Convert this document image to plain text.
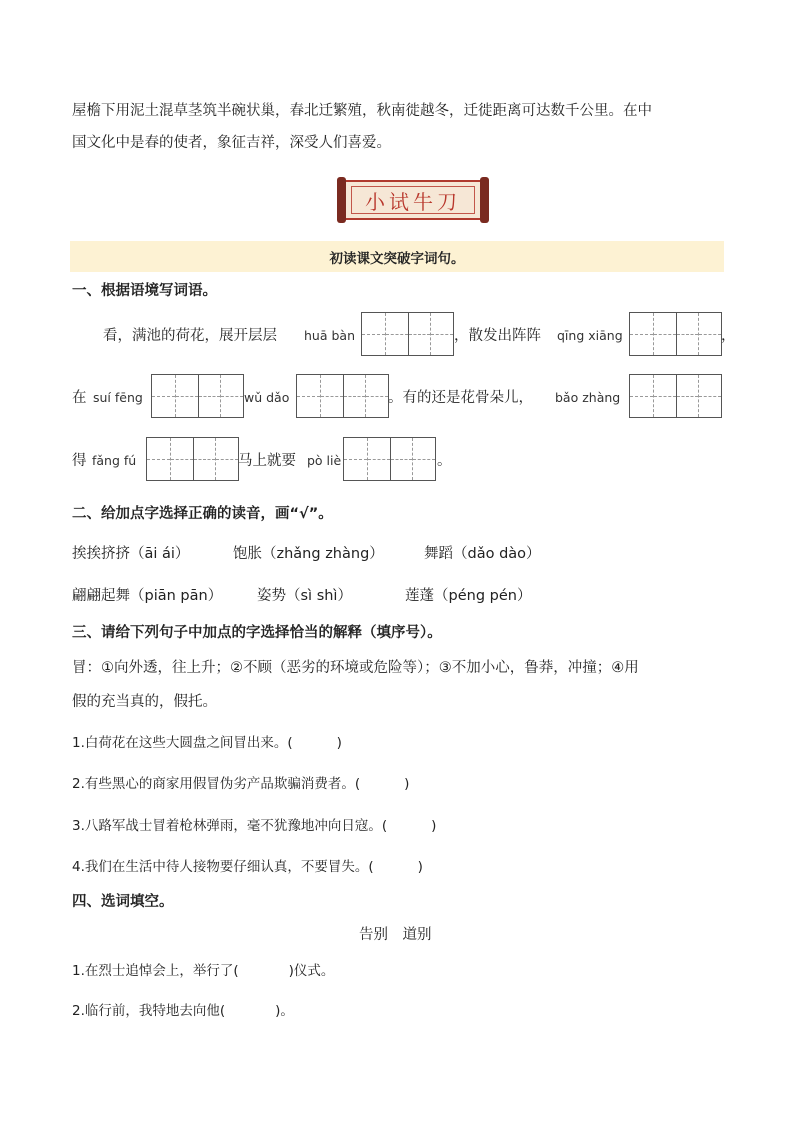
屋檐下用泥土混草茎筑半碗状巢，春北迁繁殖，秋南徙越冬，迁徙距离可达数千公里。在中
国文化中是春的使者，象征吉祥，深受人们喜爱。
小试牛刀
初读课文突破字词句。
一、根据语境写词语。
看，满池的荷花，展开层层 huā bàn	，散发出阵阵 qīng xiāng	，
在 suí fēng	wǔ dǎo	。有的还是花骨朵儿， bǎo zhàng
得 fǎng fú	马上就要 pò liè	。
二、给加点字选择正确的读音，画“√”。
挨挨挤挤（āi ái）	饱胀（zhǎng zhàng）	舞蹈（dǎo dào）
翩翩起舞（piān pān） 姿势（sì shì）	莲蓬（péng pén）
三、请给下列句子中加点的字选择恰当的解释（填序号）。
冒：①向外透，往上升；②不顾（恶劣的环境或危险等）；③不加小心，鲁莽，冲撞；④用
假的充当真的，假托。
1.白荷花在这些大圆盘之间冒出来。(	)
2.有些黑心的商家用假冒伪劣产品欺骗消费者。(	)
3.八路军战士冒着枪林弹雨，毫不犹豫地冲向日寇。(	)
4.我们在生活中待人接物要仔细认真，不要冒失。(	)
四、选词填空。
告别　道别
1.在烈士追悼会上，举行了(	)仪式。
2.临行前，我特地去向他(	)。
